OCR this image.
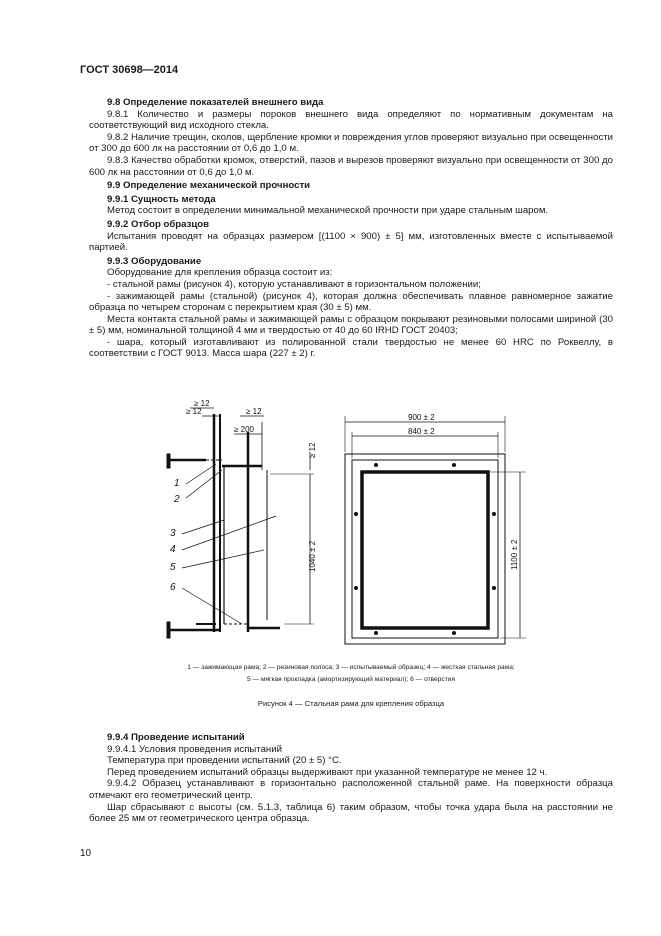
ГОСТ 30698—2014

9.8 Определение показателей внешнего вида

9.8.1 Количество и размеры пороков внешнего вида определяют по нормативным документам на соответствующий вид исходного стекла.

9.8.2 Наличие трещин, сколов, щербление кромки и повреждения углов проверяют визуально при освещенности от 300 до 600 лк на расстоянии от 0,6 до 1,0 м.

9.8.3 Качество обработки кромок, отверстий, пазов и вырезов проверяют визуально при освещенности от 300 до 600 лк на расстоянии от 0,6 до 1,0 м.

9.9 Определение механической прочности

9.9.1 Сущность метода

Метод состоит в определении минимальной механической прочности при ударе стальным шаром.

9.9.2 Отбор образцов

Испытания проводят на образцах размером [(1100 × 900) ± 5] мм, изготовленных вместе с испытываемой партией.

9.9.3 Оборудование

Оборудование для крепления образца состоит из:

- стальной рамы (рисунок 4), которую устанавливают в горизонтальном положении;

- зажимающей рамы (стальной) (рисунок 4), которая должна обеспечивать плавное равномерное зажатие образца по четырем сторонам с перекрытием края (30 ± 5) мм.

Места контакта стальной рамы и зажимающей рамы с образцом покрывают резиновыми полосами шириной (30 ± 5) мм, номинальной толщиной 4 мм и твердостью от 40 до 60 IRHD ГОСТ 20403;

- шара, который изготавливают из полированной стали твердостью не менее 60 HRC по Роквеллу, в соответствии с ГОСТ 9013. Масса шара (227 ± 2) г.

≥ 12
≥ 12	≥ 12
≥ 200
≥ 12
1040 ± 2
1
2
3
4
5
6
900 ± 2
840 ± 2
1100 ± 2
1 — зажимающая рама; 2 — резиновая полоса; 3 — испытываемый образец; 4 — жесткая стальная рама;
5 — мягкая прокладка (амортизирующий материал); 6 — отверстия
Рисунок 4 — Стальная рама для крепления образца

9.9.4 Проведение испытаний

9.9.4.1 Условия проведения испытаний

Температура при проведении испытаний (20 ± 5) °С.

Перед проведением испытаний образцы выдерживают при указанной температуре не менее 12 ч.

9.9.4.2 Образец устанавливают в горизонтально расположенной стальной раме. На поверхности образца отмечают его геометрический центр.

Шар сбрасывают с высоты (см. 5.1.3, таблица 6) таким образом, чтобы точка удара была на расстоянии не более 25 мм от геометрического центра образца.

10
